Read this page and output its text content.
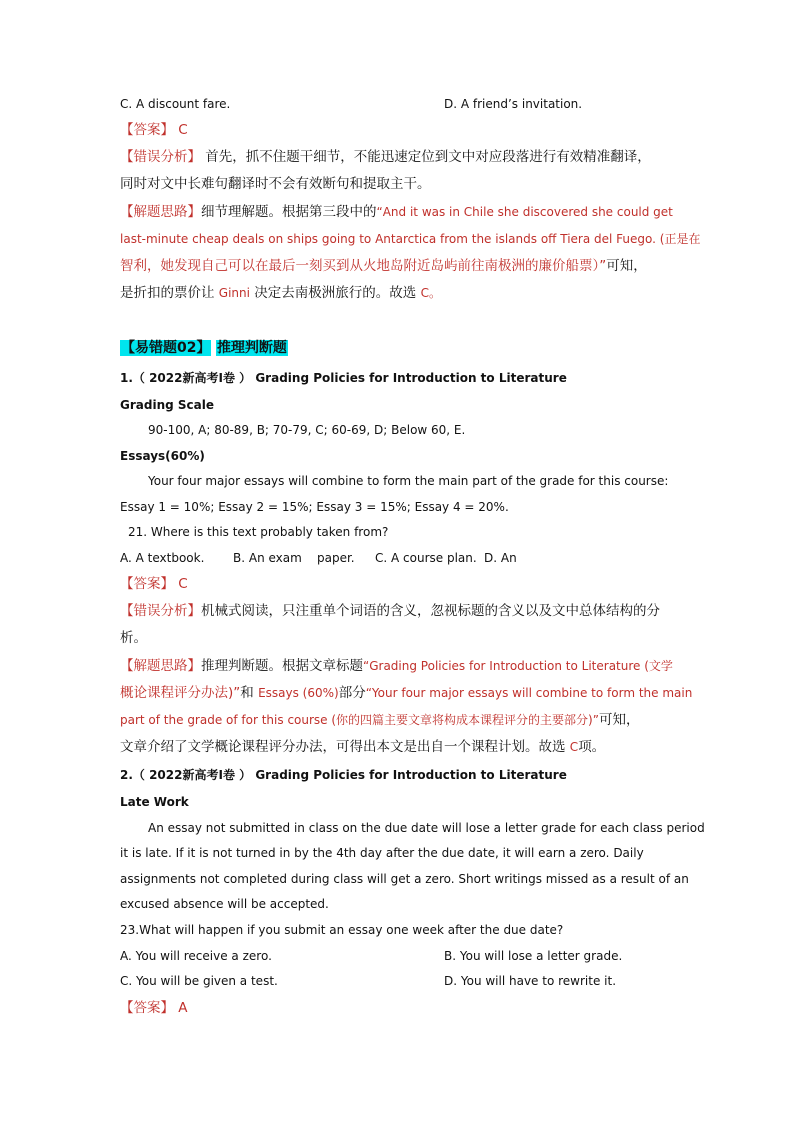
C. A discount fare.	D. A friend’s invitation.
【答案】 C
【错误分析】 首先，抓不住题干细节，不能迅速定位到文中对应段落进行有效精准翻译，
同时对文中长难句翻译时不会有效断句和提取主干。
【解题思路】细节理解题。根据第三段中的“And it was in Chile she discovered she could get
last-minute cheap deals on ships going to Antarctica from the islands off Tiera del Fuego. (正是在
智利，她发现自己可以在最后一刻买到从火地岛附近岛屿前往南极洲的廉价船票）”可知，
是折扣的票价让 Ginni 决定去南极洲旅行的。故选 C。
【易错题02】 推理判断题
1.（ 2022新高考Ⅰ卷 ） Grading Policies for Introduction to Literature
Grading Scale
90-100, A; 80-89, B; 70-79, C; 60-69, D; Below 60, E.
Essays(60%)
Your four major essays will combine to form the main part of the grade for this course:
Essay 1 = 10%; Essay 2 = 15%; Essay 3 = 15%; Essay 4 = 20%.
21. Where is this text probably taken from?
A. A textbook. B. An exam paper. C. A course plan. D. An
【答案】 C
【错误分析】机械式阅读，只注重单个词语的含义，忽视标题的含义以及文中总体结构的分
析。
【解题思路】推理判断题。根据文章标题“Grading Policies for Introduction to Literature (文学
概论课程评分办法)”和 Essays (60%)部分“Your four major essays will combine to form the main
part of the grade of for this course (你的四篇主要文章将构成本课程评分的主要部分)”可知，
文章介绍了文学概论课程评分办法，可得出本文是出自一个课程计划。故选 C项。
2.（ 2022新高考Ⅰ卷 ） Grading Policies for Introduction to Literature
Late Work
An essay not submitted in class on the due date will lose a letter grade for each class period
it is late. If it is not turned in by the 4th day after the due date, it will earn a zero. Daily
assignments not completed during class will get a zero. Short writings missed as a result of an
excused absence will be accepted.
23.What will happen if you submit an essay one week after the due date?
A. You will receive a zero.	B. You will lose a letter grade.
C. You will be given a test.	D. You will have to rewrite it.
【答案】 A
